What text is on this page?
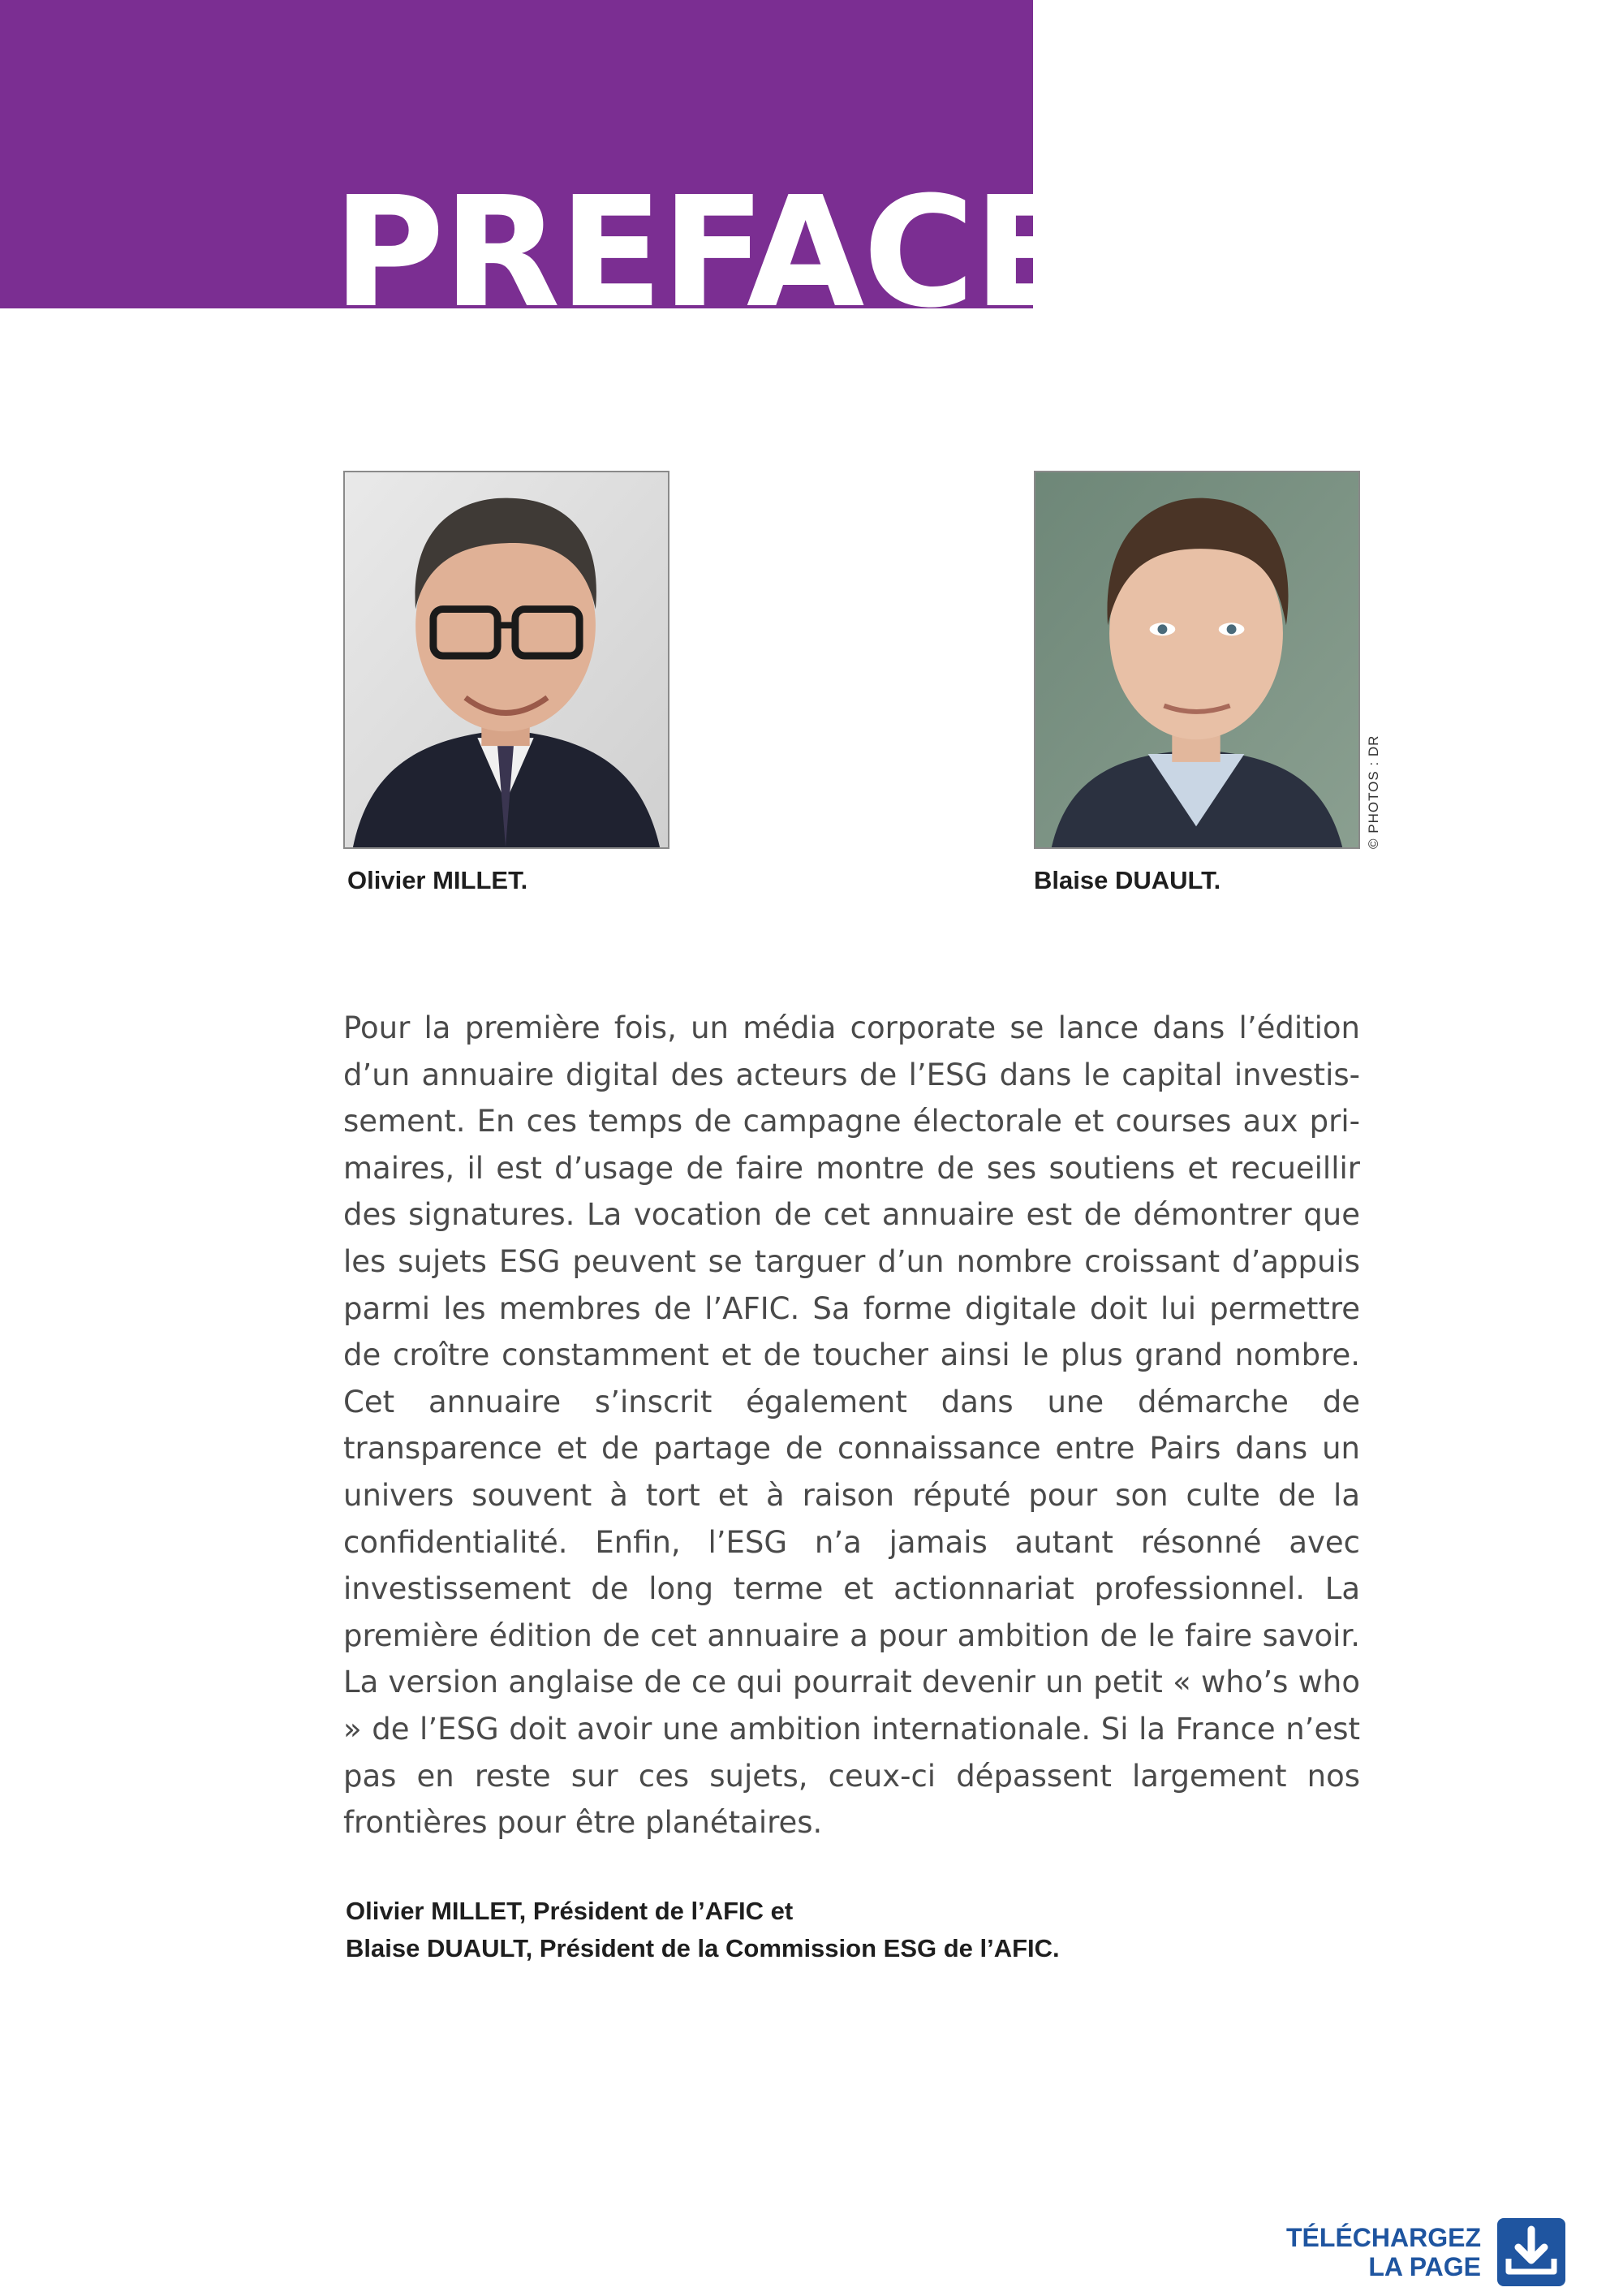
PREFACE
© PHOTOS : DR
Olivier MILLET.	Blaise DUAULT.

Pour la première fois, un média corporate se lance dans l’édition d’un annuaire digital des acteurs de l’ESG dans le capital investissement. En ces temps de campagne électorale et courses aux primaires, il est d’usage de faire montre de ses soutiens et recueillir des signatures. La vocation de cet annuaire est de démontrer que les sujets ESG peuvent se targuer d’un nombre croissant d’appuis parmi les membres de l’AFIC. Sa forme digitale doit lui permettre de croître constamment et de toucher ainsi le plus grand nombre. Cet annuaire s’inscrit également dans une démarche de transparence et de partage de connaissance entre Pairs dans un univers souvent à tort et à raison réputé pour son culte de la confidentialité. Enfin, l’ESG n’a jamais autant résonné avec investissement de long terme et actionnariat professionnel. La première édition de cet annuaire a pour ambition de le faire savoir. La version anglaise de ce qui pourrait devenir un petit « who’s who » de l’ESG doit avoir une ambition internationale. Si la France n’est pas en reste sur ces sujets, ceux-ci dépassent largement nos frontières pour être planétaires.

Olivier MILLET, Président de l’AFIC et
Blaise DUAULT, Président de la Commission ESG de l’AFIC.
TÉLÉCHARGEZ
LA PAGE
